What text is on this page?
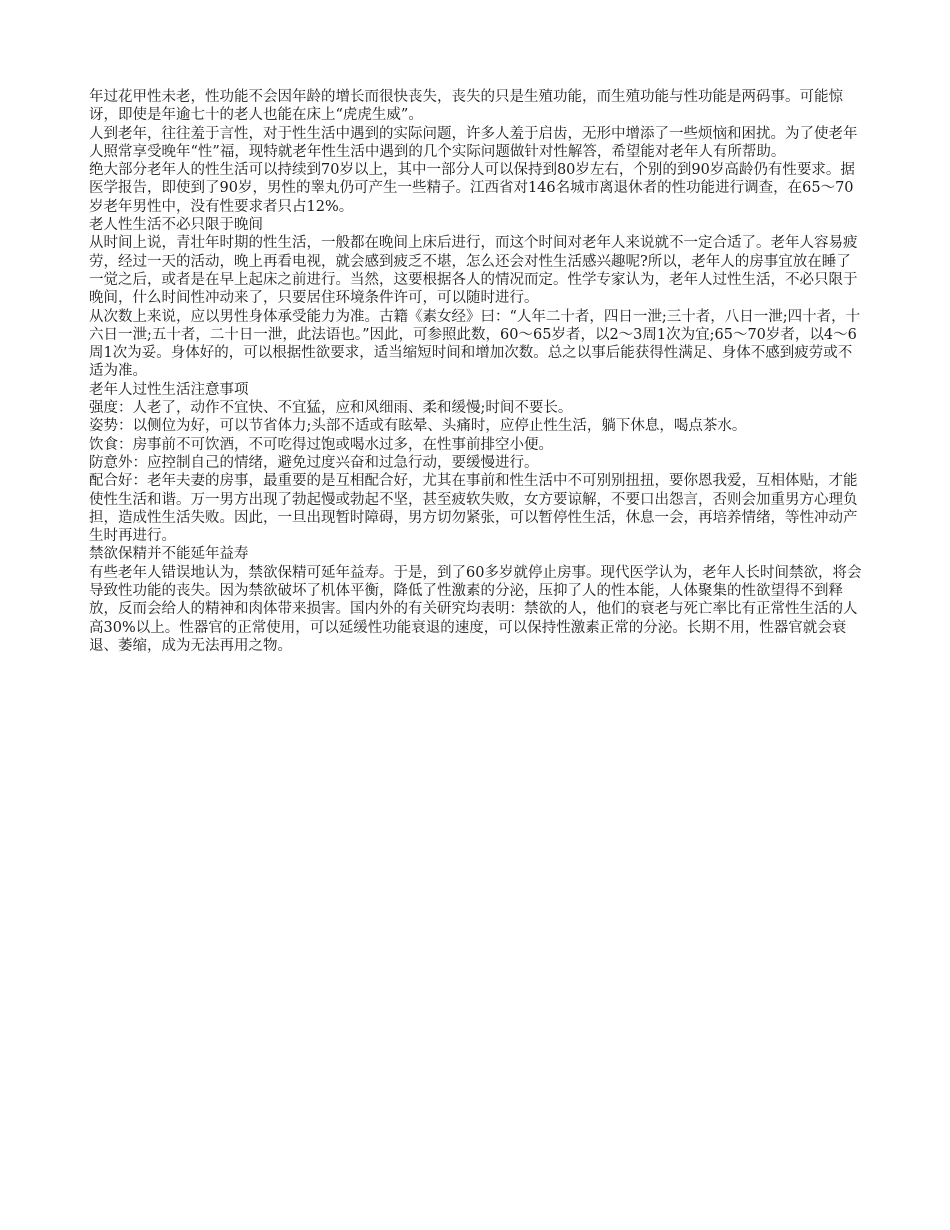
年过花甲性未老，性功能不会因年龄的增长而很快丧失，丧失的只是生殖功能，而生殖功能与性功能是两码事。可能惊讶，即使是年逾七十的老人也能在床上“虎虎生威”。

人到老年，往往羞于言性，对于性生活中遇到的实际问题，许多人羞于启齿，无形中增添了一些烦恼和困扰。为了使老年人照常享受晚年“性”福，现特就老年性生活中遇到的几个实际问题做针对性解答，希望能对老年人有所帮助。

绝大部分老年人的性生活可以持续到70岁以上，其中一部分人可以保持到80岁左右，个别的到90岁高龄仍有性要求。据医学报告，即使到了90岁，男性的睾丸仍可产生一些精子。江西省对146名城市离退休者的性功能进行调查，在65～70岁老年男性中，没有性要求者只占12%。

老人性生活不必只限于晚间

从时间上说，青壮年时期的性生活，一般都在晚间上床后进行，而这个时间对老年人来说就不一定合适了。老年人容易疲劳，经过一天的活动，晚上再看电视，就会感到疲乏不堪，怎么还会对性生活感兴趣呢?所以，老年人的房事宜放在睡了一觉之后，或者是在早上起床之前进行。当然，这要根据各人的情况而定。性学专家认为，老年人过性生活，不必只限于晚间，什么时间性冲动来了，只要居住环境条件许可，可以随时进行。

从次数上来说，应以男性身体承受能力为准。古籍《素女经》曰：“人年二十者，四日一泄;三十者，八日一泄;四十者，十六日一泄;五十者，二十日一泄，此法语也。”因此，可参照此数，60～65岁者，以2～3周1次为宜;65～70岁者，以4～6周1次为妥。身体好的，可以根据性欲要求，适当缩短时间和增加次数。总之以事后能获得性满足、身体不感到疲劳或不适为准。

老年人过性生活注意事项

强度：人老了，动作不宜快、不宜猛，应和风细雨、柔和缓慢;时间不要长。

姿势：以侧位为好，可以节省体力;头部不适或有眩晕、头痛时，应停止性生活，躺下休息，喝点茶水。

饮食：房事前不可饮酒，不可吃得过饱或喝水过多，在性事前排空小便。

防意外：应控制自己的情绪，避免过度兴奋和过急行动，要缓慢进行。

配合好：老年夫妻的房事，最重要的是互相配合好，尤其在事前和性生活中不可别别扭扭，要你恩我爱，互相体贴，才能使性生活和谐。万一男方出现了勃起慢或勃起不坚，甚至疲软失败，女方要谅解，不要口出怨言，否则会加重男方心理负担，造成性生活失败。因此，一旦出现暂时障碍，男方切勿紧张，可以暂停性生活，休息一会，再培养情绪，等性冲动产生时再进行。

禁欲保精并不能延年益寿

有些老年人错误地认为，禁欲保精可延年益寿。于是，到了60多岁就停止房事。现代医学认为，老年人长时间禁欲，将会导致性功能的丧失。因为禁欲破坏了机体平衡，降低了性激素的分泌，压抑了人的性本能，人体聚集的性欲望得不到释放，反而会给人的精神和肉体带来损害。国内外的有关研究均表明：禁欲的人，他们的衰老与死亡率比有正常性生活的人高30%以上。性器官的正常使用，可以延缓性功能衰退的速度，可以保持性激素正常的分泌。长期不用，性器官就会衰退、萎缩，成为无法再用之物。
